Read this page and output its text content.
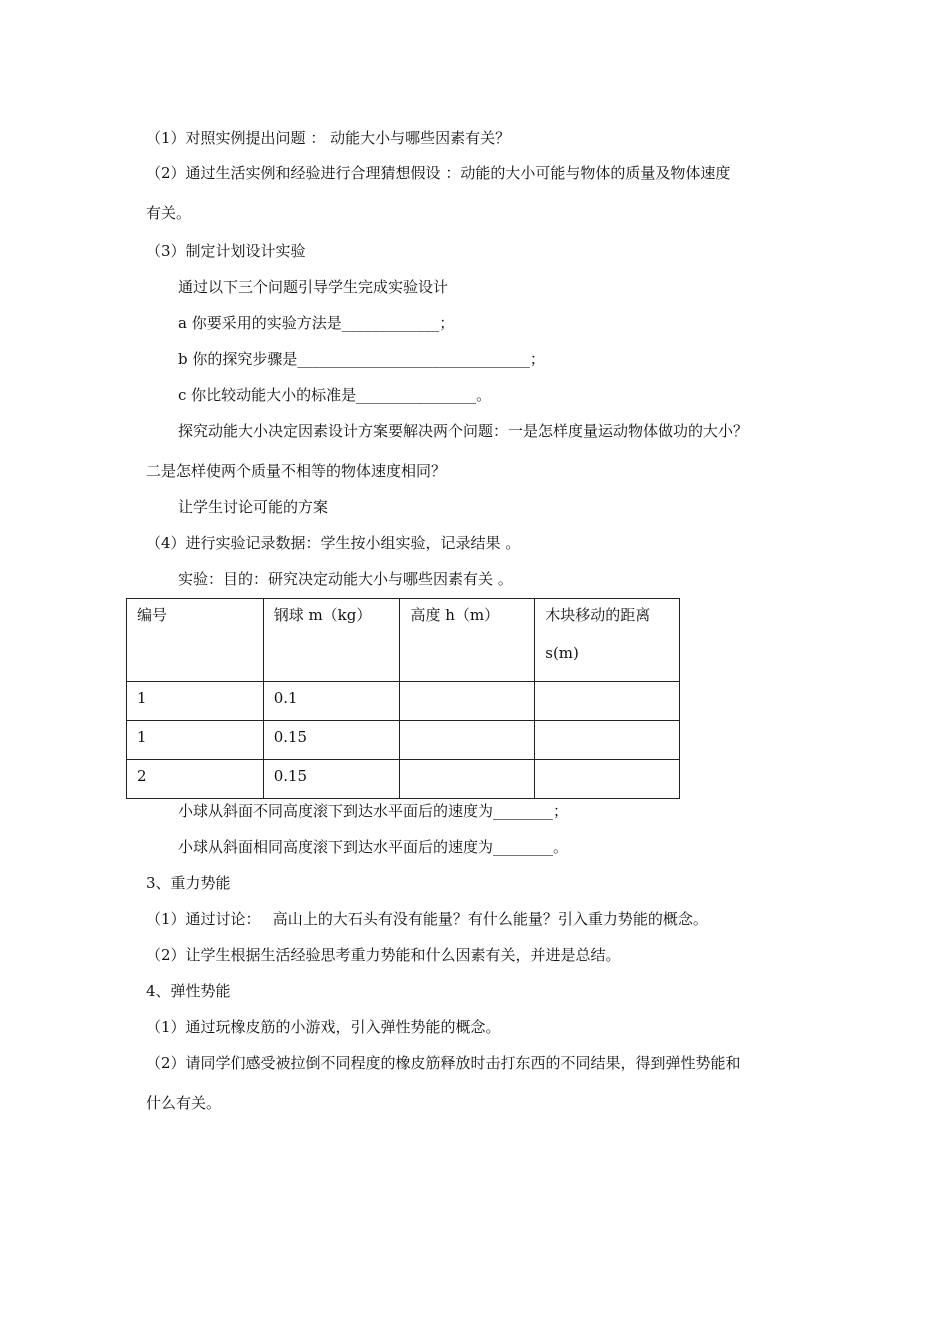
（1）对照实例提出问题 ： 动能大小与哪些因素有关？
（2）通过生活实例和经验进行合理猜想假设 ：动能的大小可能与物体的质量及物体速度
有关。
（3）制定计划设计实验
通过以下三个问题引导学生完成实验设计
a 你要采用的实验方法是_____________；
b 你的探究步骤是_______________________________；
c 你比较动能大小的标准是________________。
探究动能大小决定因素设计方案要解决两个问题：一是怎样度量运动物体做功的大小？
二是怎样使两个质量不相等的物体速度相同？
让学生讨论可能的方案
（4）进行实验记录数据：学生按小组实验，记录结果 。
实验：目的：研究决定动能大小与哪些因素有关 。
编号	钢球 m（kg）	高度 h（m）	木块移动的距离
s(m)

1	0.1		
1	0.15		
2	0.15		
小球从斜面不同高度滚下到达水平面后的速度为________；
小球从斜面相同高度滚下到达水平面后的速度为________。
3、重力势能
（1）通过讨论：　 高山上的大石头有没有能量？有什么能量？引入重力势能的概念。
（2）让学生根据生活经验思考重力势能和什么因素有关，并进是总结。
4、弹性势能
（1）通过玩橡皮筋的小游戏，引入弹性势能的概念。
（2）请同学们感受被拉倒不同程度的橡皮筋释放时击打东西的不同结果，得到弹性势能和
什么有关。
